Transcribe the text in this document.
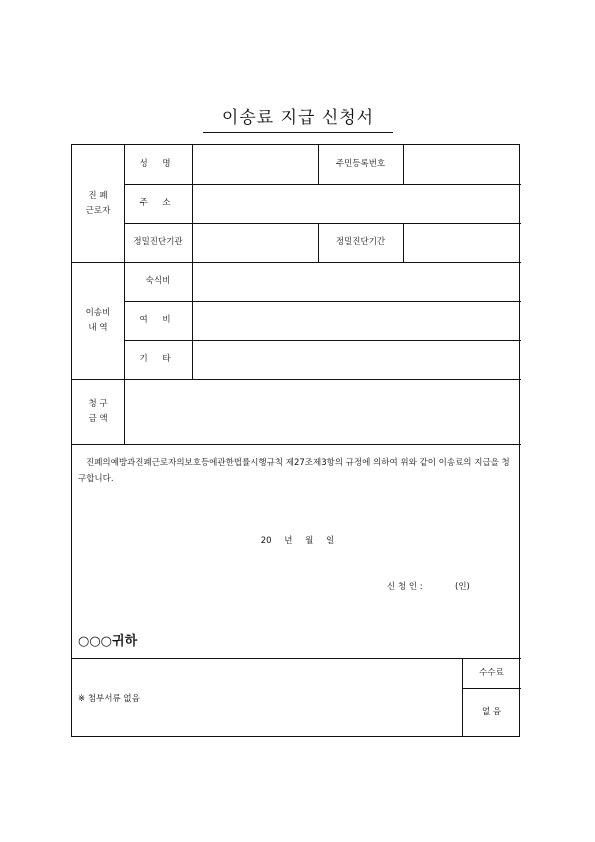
이송료 지급 신청서
진 폐
근로자
성 명	주민등록번호
주 소
정밀진단기관	정밀진단기간
이송비
내 역
숙식비
여 비
기 타
청 구
금 액
수수료
없 음
진폐의예방과진폐근로자의보호등에관한법률시행규칙 제27조제3항의 규정에 의하여 위와 같이 이송료의 지급을 청구합니다.
20 년 월 일
신 청 인 :            (인)
○○○귀하
※ 첨부서류 없음
